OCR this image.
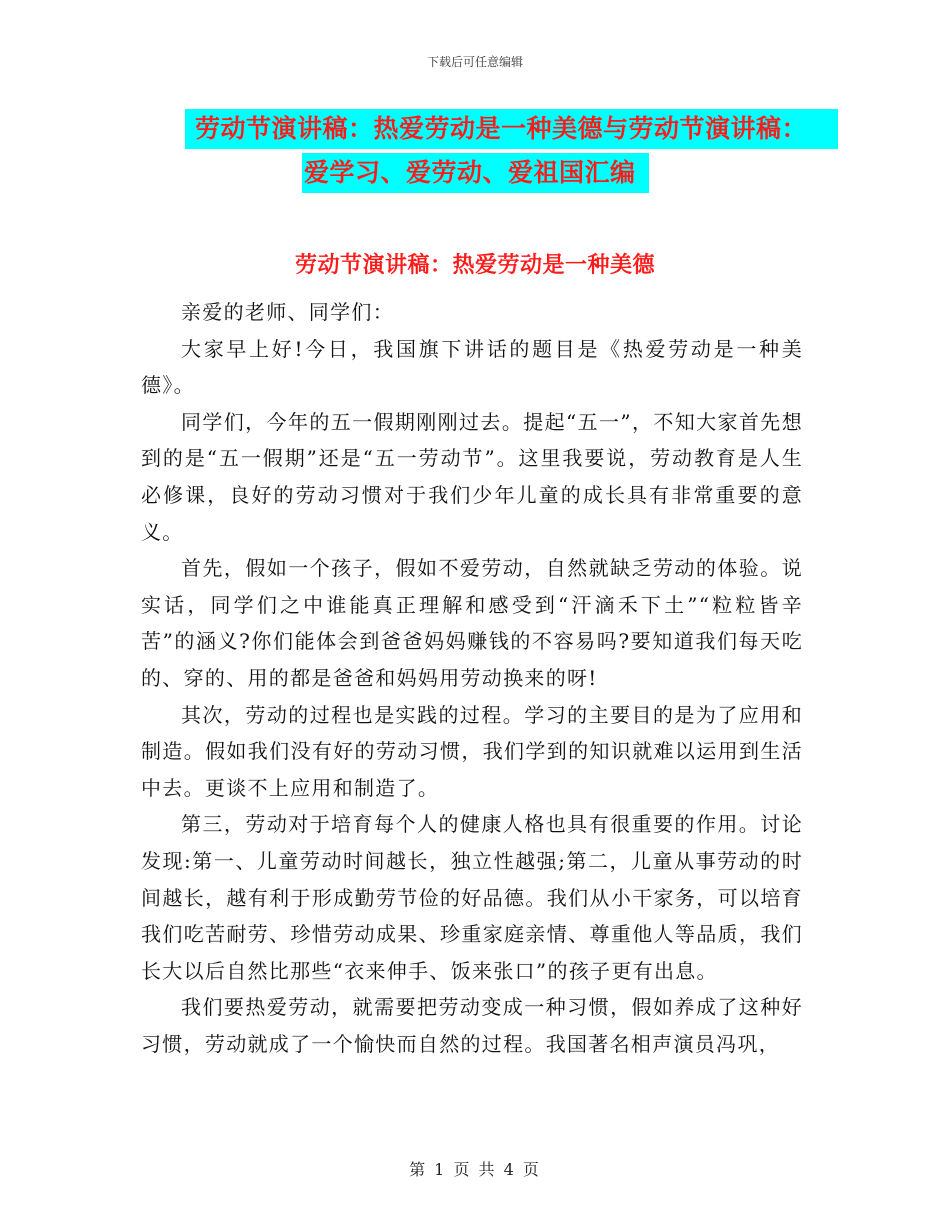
下载后可任意编辑
劳动节演讲稿：热爱劳动是一种美德与劳动节演讲稿：
爱学习、爱劳动、爱祖国汇编
劳动节演讲稿：热爱劳动是一种美德

亲爱的老师、同学们：

大家早上好!今日，我国旗下讲话的题目是《热爱劳动是一种美德》。

同学们，今年的五一假期刚刚过去。提起“五一”，不知大家首先想到的是“五一假期”还是“五一劳动节”。这里我要说，劳动教育是人生必修课，良好的劳动习惯对于我们少年儿童的成长具有非常重要的意义。

首先，假如一个孩子，假如不爱劳动，自然就缺乏劳动的体验。说实话，同学们之中谁能真正理解和感受到“汗滴禾下土”“粒粒皆辛苦”的涵义?你们能体会到爸爸妈妈赚钱的不容易吗?要知道我们每天吃的、穿的、用的都是爸爸和妈妈用劳动换来的呀!

其次，劳动的过程也是实践的过程。学习的主要目的是为了应用和制造。假如我们没有好的劳动习惯，我们学到的知识就难以运用到生活中去。更谈不上应用和制造了。

第三，劳动对于培育每个人的健康人格也具有很重要的作用。讨论发现:第一、儿童劳动时间越长，独立性越强;第二，儿童从事劳动的时间越长，越有利于形成勤劳节俭的好品德。我们从小干家务，可以培育我们吃苦耐劳、珍惜劳动成果、珍重家庭亲情、尊重他人等品质，我们长大以后自然比那些“衣来伸手、饭来张口”的孩子更有出息。

我们要热爱劳动，就需要把劳动变成一种习惯，假如养成了这种好习惯，劳动就成了一个愉快而自然的过程。我国著名相声演员冯巩，

第 1 页 共 4 页
